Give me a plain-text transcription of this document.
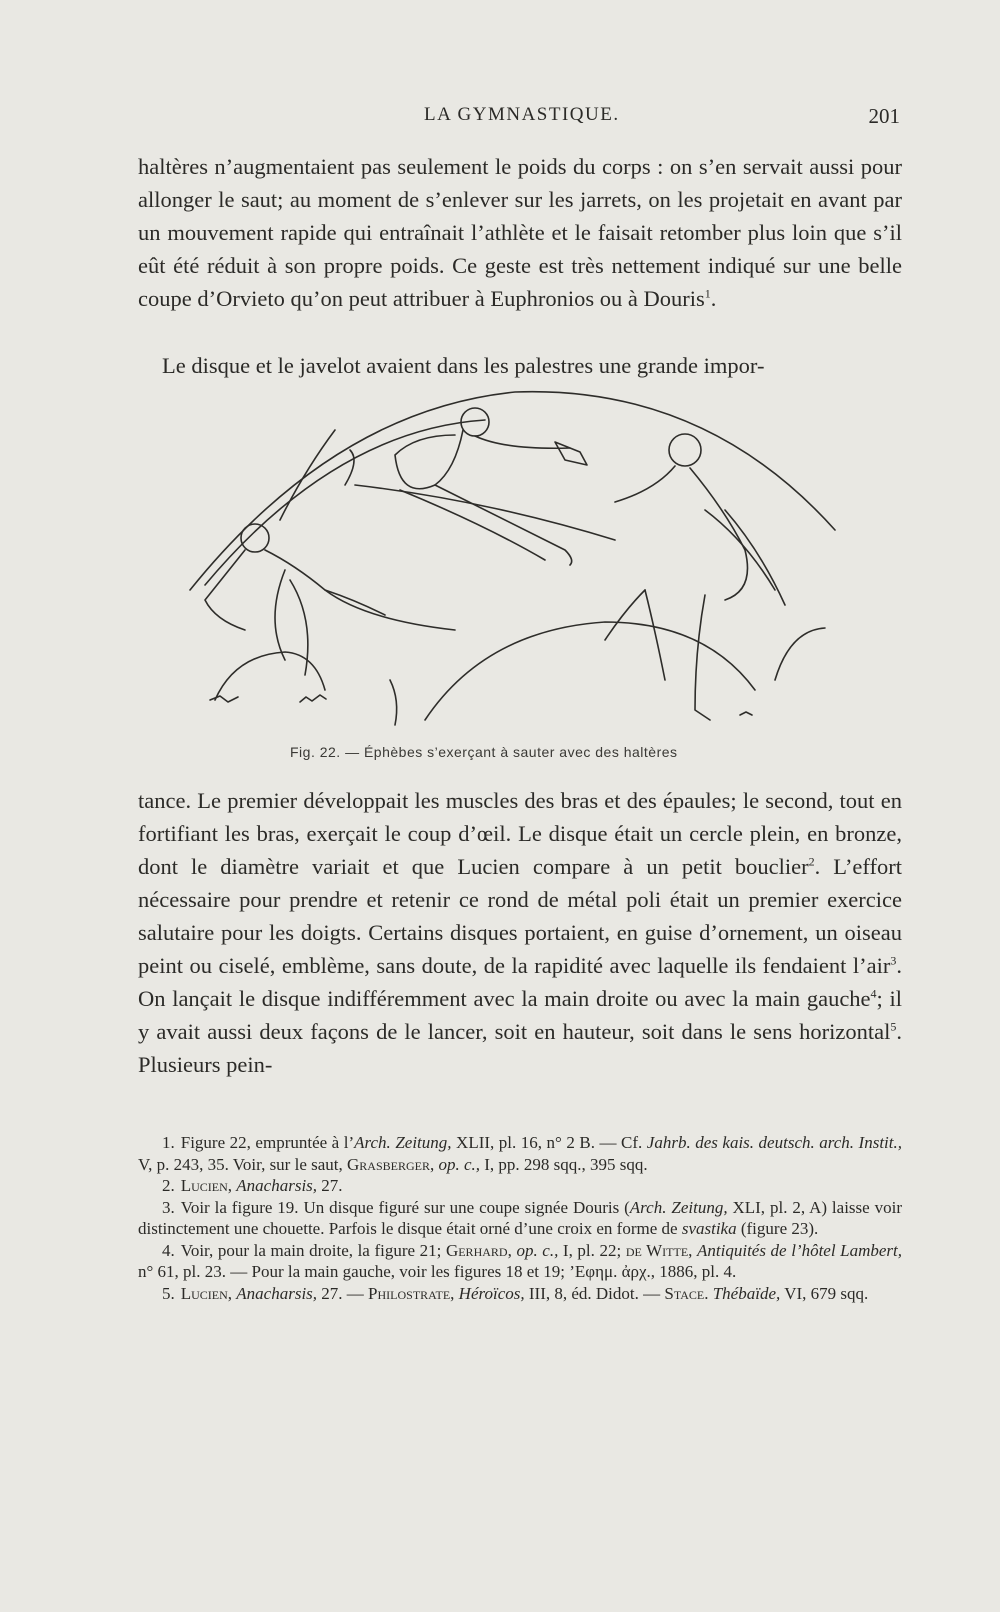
LA GYMNASTIQUE.	201

haltères n’augmentaient pas seulement le poids du corps : on s’en servait aussi pour allonger le saut; au moment de s’enlever sur les jarrets, on les projetait en avant par un mouvement rapide qui entraînait l’athlète et le faisait retomber plus loin que s’il eût été réduit à son propre poids. Ce geste est très nettement indiqué sur une belle coupe d’Orvieto qu’on peut attribuer à Euphronios ou à Douris$^1$.

Le disque et le javelot avaient dans les palestres une grande impor-

Fig. 22. — Éphèbes s’exerçant à sauter avec des haltères

tance. Le premier développait les muscles des bras et des épaules; le second, tout en fortifiant les bras, exerçait le coup d’œil. Le disque était un cercle plein, en bronze, dont le diamètre variait et que Lucien compare à un petit bouclier$^2$. L’effort nécessaire pour prendre et retenir ce rond de métal poli était un premier exercice salutaire pour les doigts. Certains disques portaient, en guise d’ornement, un oiseau peint ou ciselé, emblème, sans doute, de la rapidité avec laquelle ils fendaient l’air$^3$. On lançait le disque indifféremment avec la main droite ou avec la main gauche$^4$; il y avait aussi deux façons de le lancer, soit en hauteur, soit dans le sens horizontal$^5$. Plusieurs pein-

1. Figure 22, empruntée à l’Arch. Zeitung, XLII, pl. 16, n° 2 B. — Cf. Jahrb. des kais. deutsch. arch. Instit., V, p. 243, 35. Voir, sur le saut, Grasberger, op. c., I, pp. 298 sqq., 395 sqq.

2. Lucien, Anacharsis, 27.

3. Voir la figure 19. Un disque figuré sur une coupe signée Douris (Arch. Zeitung, XLI, pl. 2, A) laisse voir distinctement une chouette. Parfois le disque était orné d’une croix en forme de svastika (figure 23).

4. Voir, pour la main droite, la figure 21; Gerhard, op. c., I, pl. 22; de Witte, Antiquités de l’hôtel Lambert, n° 61, pl. 23. — Pour la main gauche, voir les figures 18 et 19; ’Εφημ. ἀρχ., 1886, pl. 4.

5. Lucien, Anacharsis, 27. — Philostrate, Héroïcos, III, 8, éd. Didot. — Stace. Thébaïde, VI, 679 sqq.
